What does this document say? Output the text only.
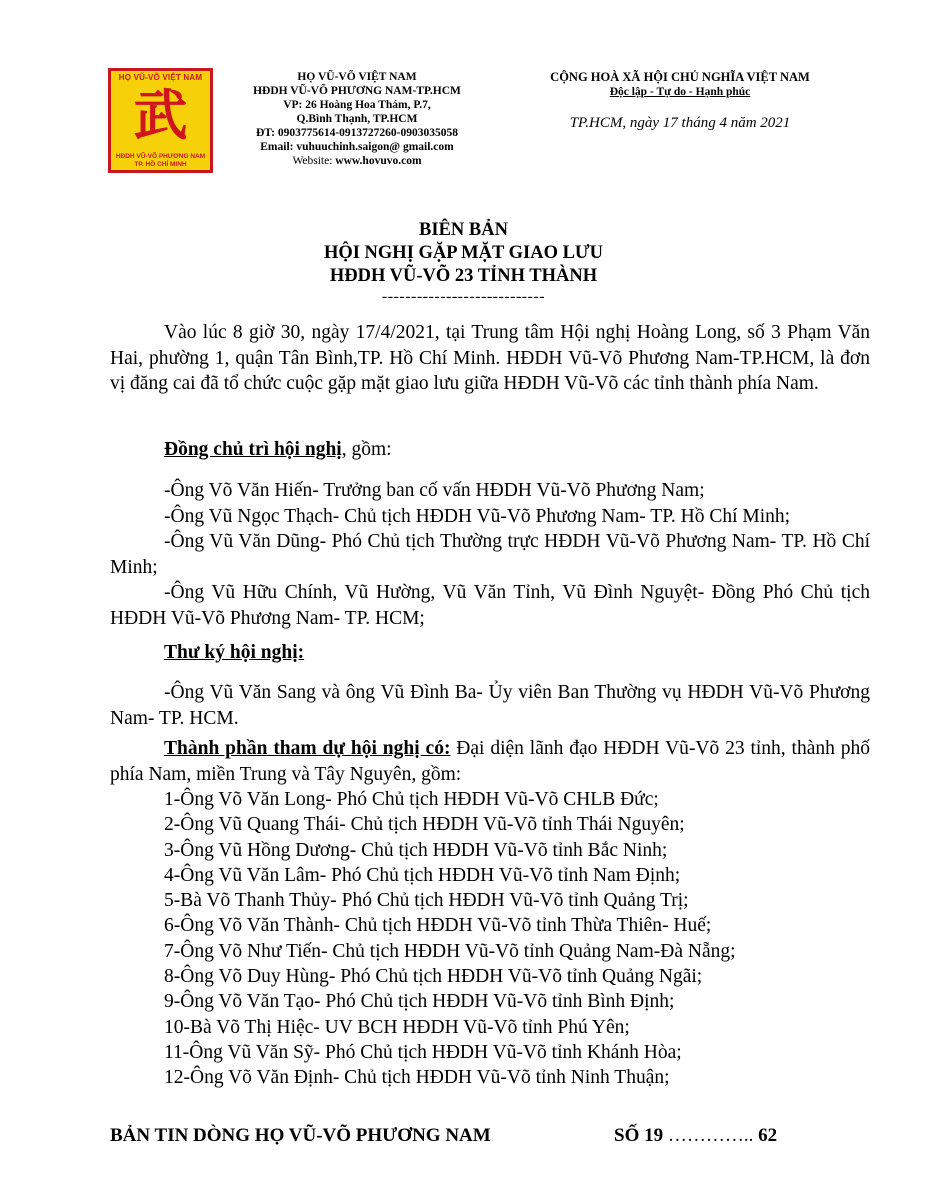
HỌ VŨ-VÕ VIỆT NAM
武
HĐDH VŨ-VÕ PHƯƠNG NAM
TP. HỒ CHÍ MINH
HỌ VŨ-VÕ VIỆT NAM
HĐDH VŨ-VÕ PHƯƠNG NAM-TP.HCM
VP: 26 Hoàng Hoa Thám, P.7,
Q.Bình Thạnh, TP.HCM
ĐT: 0903775614-0913727260-0903035058
Email: vuhuuchinh.saigon@ gmail.com
Website: www.hovuvo.com
CỘNG HOÀ XÃ HỘI CHỦ NGHĨA VIỆT NAM
Độc lập - Tự do - Hạnh phúc
TP.HCM, ngày 17 tháng 4 năm 2021
BIÊN BẢN
HỘI NGHỊ GẶP MẶT GIAO LƯU
HĐDH VŨ-VÕ 23 TỈNH THÀNH
----------------------------

Vào lúc 8 giờ 30, ngày 17/4/2021, tại Trung tâm Hội nghị Hoàng Long, số 3 Phạm Văn Hai, phường 1, quận Tân Bình,TP. Hồ Chí Minh. HĐDH Vũ-Võ Phương Nam-TP.HCM, là đơn vị đăng cai đã tổ chức cuộc gặp mặt giao lưu giữa HĐDH Vũ-Võ các tỉnh thành phía Nam.

Đồng chủ trì hội nghị, gồm:

-Ông Võ Văn Hiến- Trưởng ban cố vấn HĐDH Vũ-Võ Phương Nam;

-Ông Vũ Ngọc Thạch- Chủ tịch HĐDH Vũ-Võ Phương Nam- TP. Hồ Chí Minh;

-Ông Vũ Văn Dũng- Phó Chủ tịch Thường trực HĐDH Vũ-Võ Phương Nam- TP. Hồ Chí Minh;

-Ông Vũ Hữu Chính, Vũ Hường, Vũ Văn Tỉnh, Vũ Đình Nguyệt- Đồng Phó Chủ tịch HĐDH Vũ-Võ Phương Nam- TP. HCM;

Thư ký hội nghị:

-Ông Vũ Văn Sang và ông Vũ Đình Ba- Ủy viên Ban Thường vụ HĐDH Vũ-Võ Phương Nam- TP. HCM.

Thành phần tham dự hội nghị có: Đại diện lãnh đạo HĐDH Vũ-Võ 23 tỉnh, thành phố phía Nam, miền Trung và Tây Nguyên, gồm:

1-Ông Võ Văn Long- Phó Chủ tịch HĐDH Vũ-Võ CHLB Đức;
2-Ông Vũ Quang Thái- Chủ tịch HĐDH Vũ-Võ tỉnh Thái Nguyên;
3-Ông Vũ Hồng Dương- Chủ tịch HĐDH Vũ-Võ tỉnh Bắc Ninh;
4-Ông Vũ Văn Lâm- Phó Chủ tịch HĐDH Vũ-Võ tỉnh Nam Định;
5-Bà Võ Thanh Thủy- Phó Chủ tịch HĐDH Vũ-Võ tỉnh Quảng Trị;
6-Ông Võ Văn Thành- Chủ tịch HĐDH Vũ-Võ tỉnh Thừa Thiên- Huế;
7-Ông Võ Như Tiến- Chủ tịch HĐDH Vũ-Võ tỉnh Quảng Nam-Đà Nẵng;
8-Ông Võ Duy Hùng- Phó Chủ tịch HĐDH Vũ-Võ tỉnh Quảng Ngãi;
9-Ông Võ Văn Tạo- Phó Chủ tịch HĐDH Vũ-Võ tỉnh Bình Định;
10-Bà Võ Thị Hiệc- UV BCH HĐDH Vũ-Võ tỉnh Phú Yên;
11-Ông Vũ Văn Sỹ- Phó Chủ tịch HĐDH Vũ-Võ tỉnh Khánh Hòa;
12-Ông Võ Văn Định- Chủ tịch HĐDH Vũ-Võ tỉnh Ninh Thuận;
BẢN TIN DÒNG HỌ VŨ-VÕ PHƯƠNG NAM	SỐ 19 ………….. 62
